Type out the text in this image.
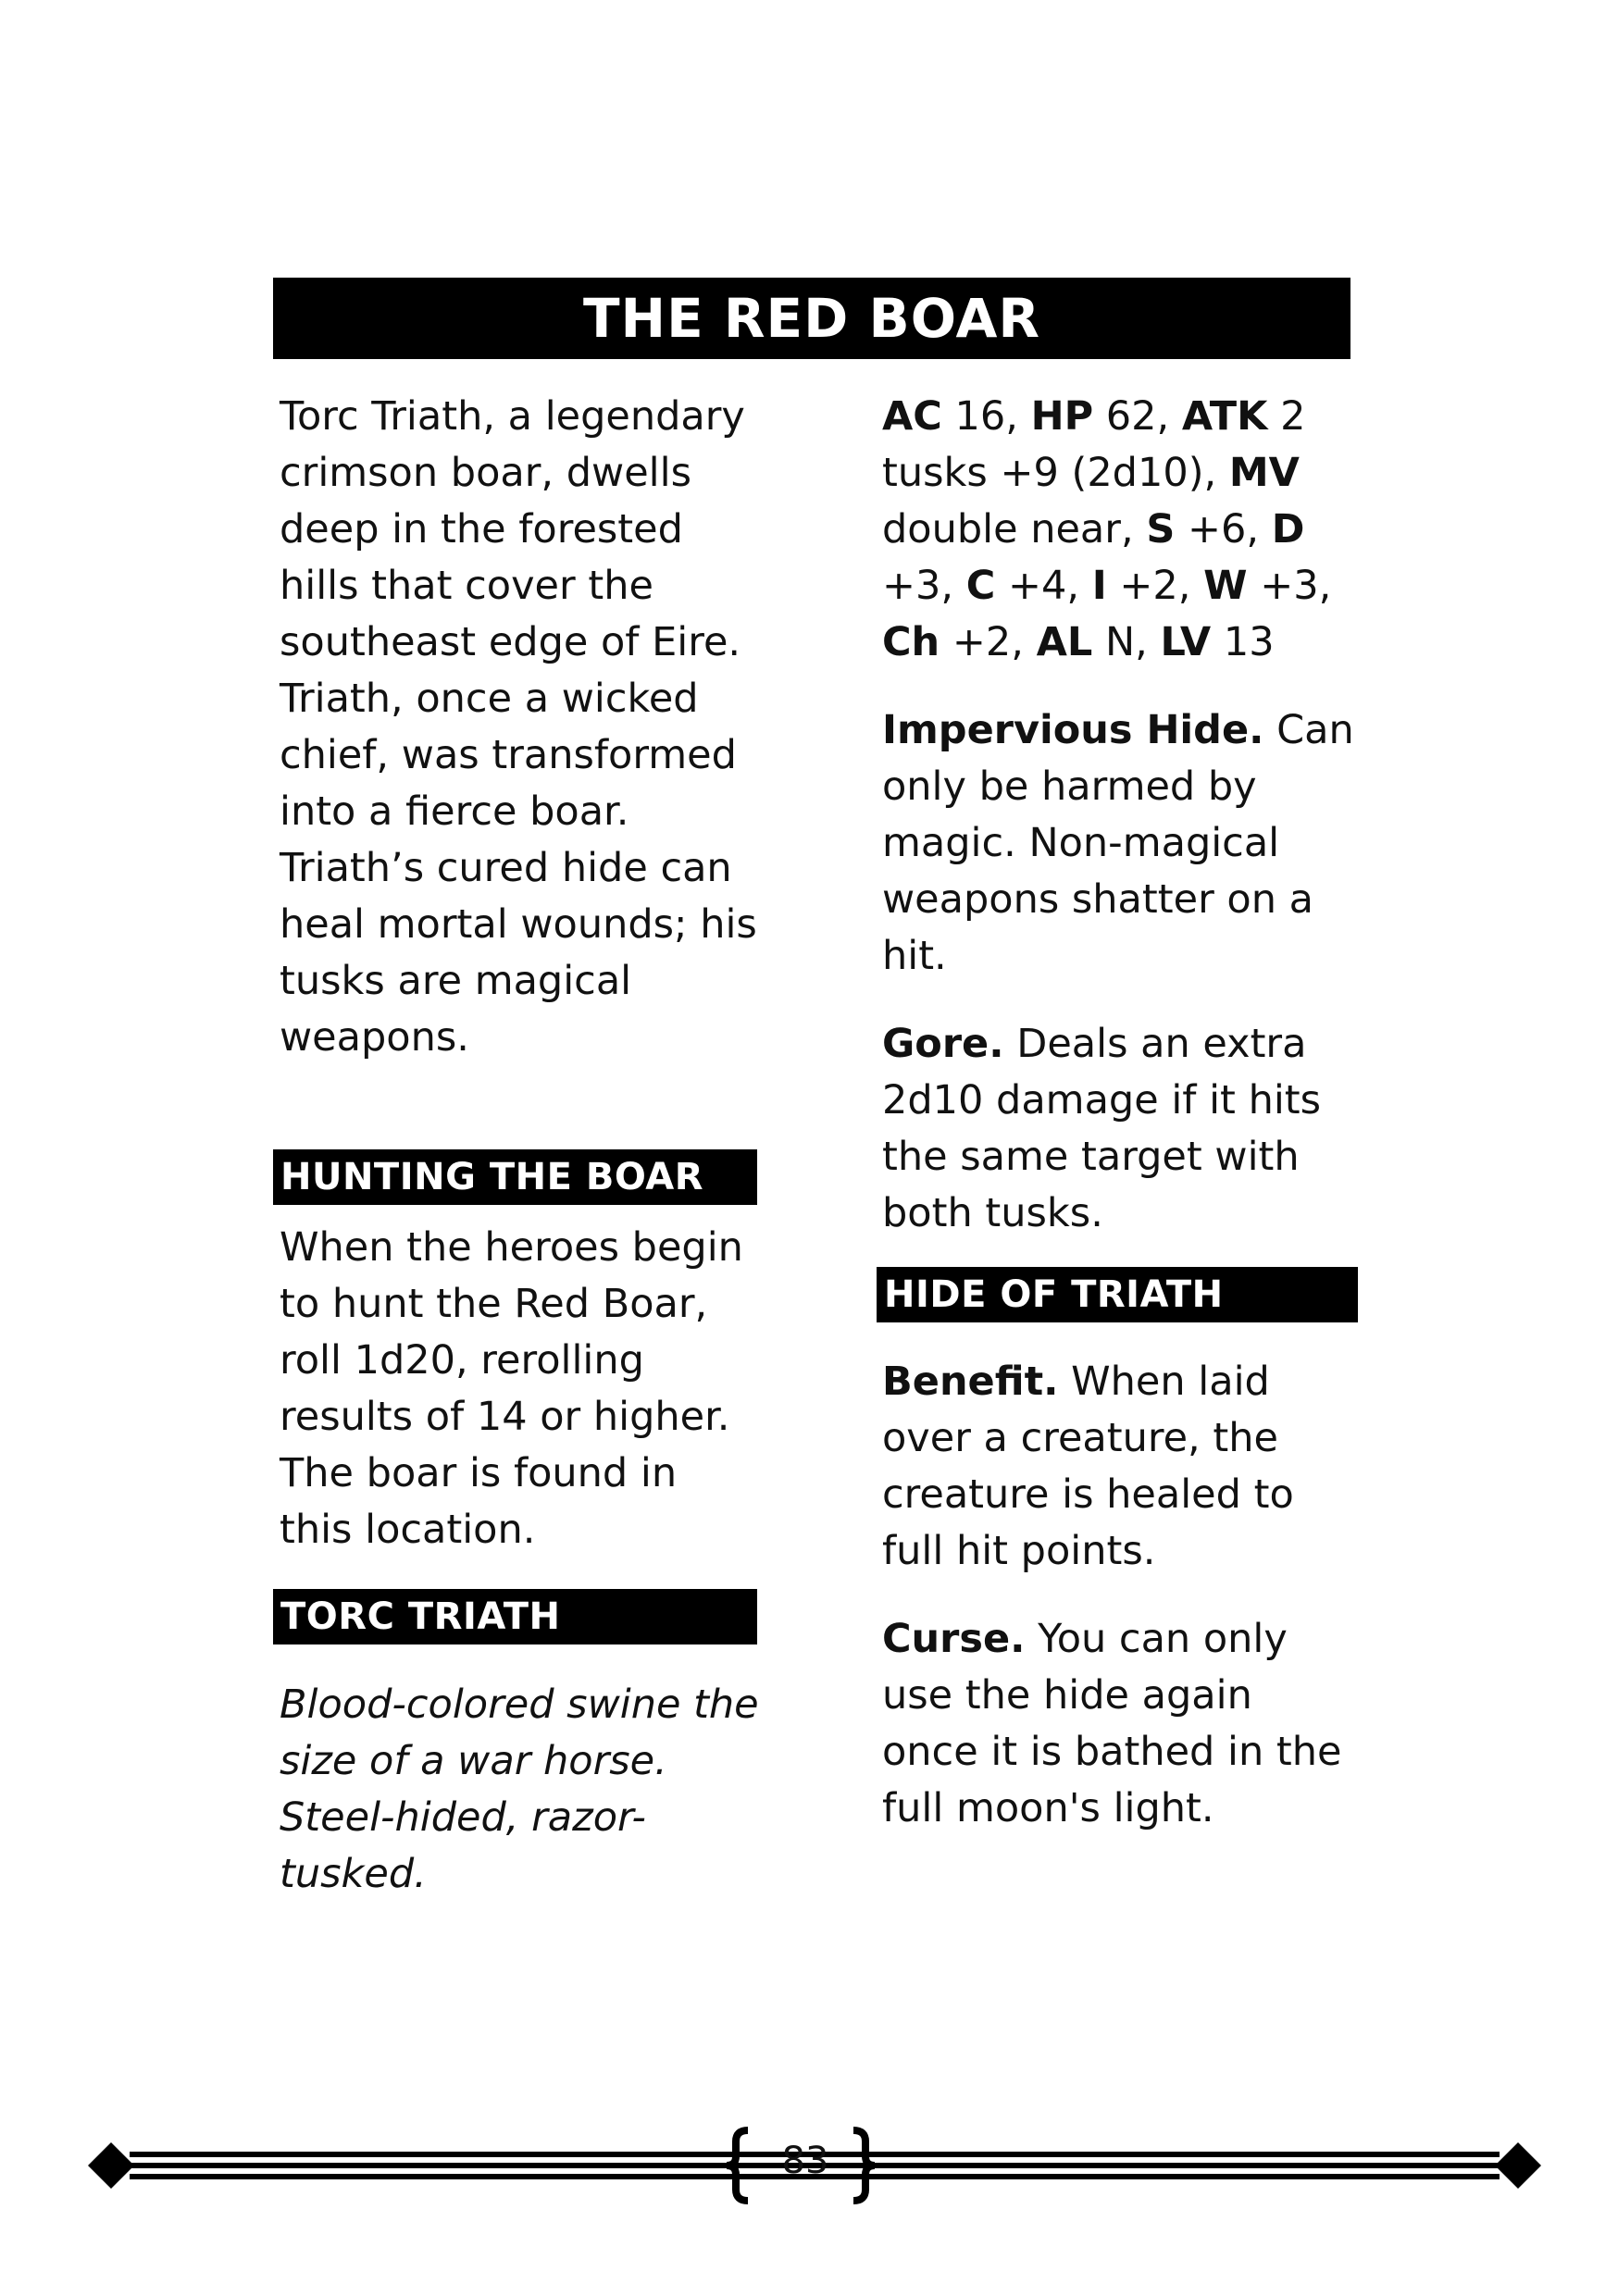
THE RED BOAR

Torc Triath, a legendary crimson boar, dwells deep in the forested hills that cover the southeast edge of Eire. Triath, once a wicked chief, was transformed into a fierce boar. Triath’s cured hide can heal mortal wounds; his tusks are magical weapons.

HUNTING THE BOAR

When the heroes begin to hunt the Red Boar, roll 1d20, rerolling results of 14 or higher. The boar is found in this location.

TORC TRIATH

Blood-colored swine the size of a war horse. Steel-hided, razor-tusked.

AC 16, HP 62, ATK 2 tusks +9 (2d10), MV double near, S +6, D +3, C +4, I +2, W +3, Ch +2, AL N, LV 13

Impervious Hide. Can only be harmed by magic. Non-magical weapons shatter on a hit.

Gore. Deals an extra 2d10 damage if it hits the same target with both tusks.

HIDE OF TRIATH

Benefit. When laid over a creature, the creature is healed to full hit points.

Curse. You can only use the hide again once it is bathed in the full moon's light.

83
